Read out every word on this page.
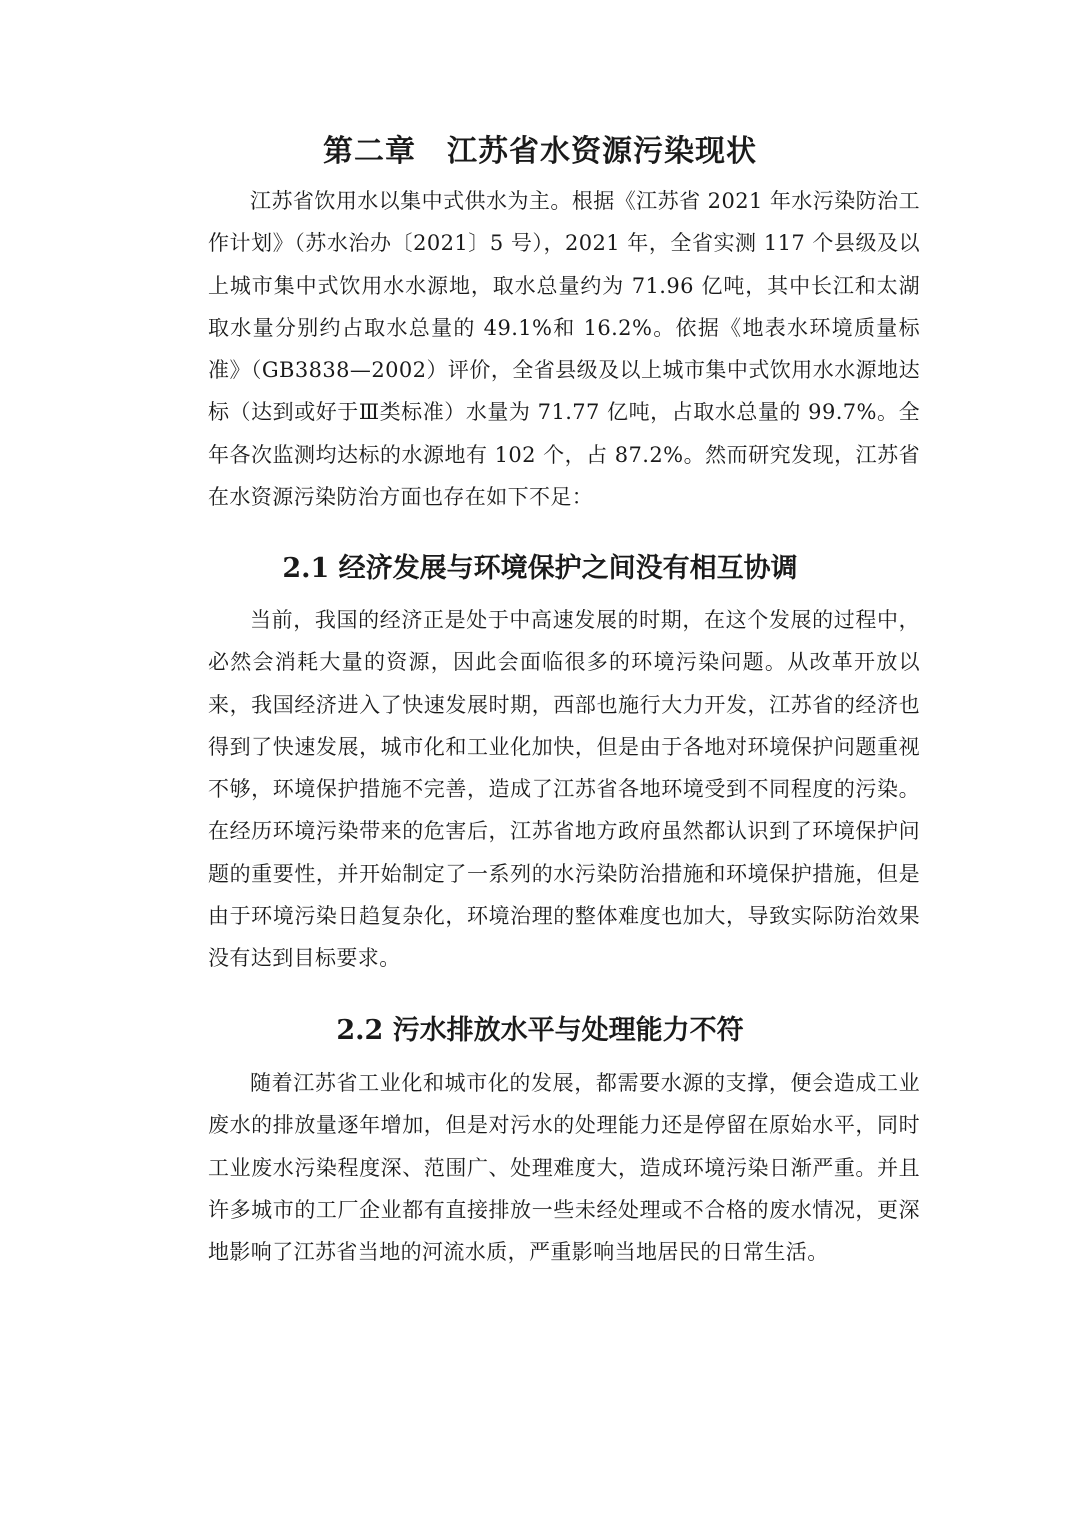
第二章　江苏省水资源污染现状

江苏省饮用水以集中式供水为主。根据《江苏省 2021 年水污染防治工作计划》（苏水治办〔2021〕5 号），2021 年，全省实测 117 个县级及以上城市集中式饮用水水源地，取水总量约为 71.96 亿吨，其中长江和太湖取水量分别约占取水总量的 49.1%和 16.2%。依据《地表水环境质量标准》（GB3838—2002）评价，全省县级及以上城市集中式饮用水水源地达标（达到或好于Ⅲ类标准）水量为 71.77 亿吨，占取水总量的 99.7%。全年各次监测均达标的水源地有 102 个，占 87.2%。然而研究发现，江苏省在水资源污染防治方面也存在如下不足：

2.1 经济发展与环境保护之间没有相互协调

当前，我国的经济正是处于中高速发展的时期，在这个发展的过程中，必然会消耗大量的资源，因此会面临很多的环境污染问题。从改革开放以来，我国经济进入了快速发展时期，西部也施行大力开发，江苏省的经济也得到了快速发展，城市化和工业化加快，但是由于各地对环境保护问题重视不够，环境保护措施不完善，造成了江苏省各地环境受到不同程度的污染。在经历环境污染带来的危害后，江苏省地方政府虽然都认识到了环境保护问题的重要性，并开始制定了一系列的水污染防治措施和环境保护措施，但是由于环境污染日趋复杂化，环境治理的整体难度也加大，导致实际防治效果没有达到目标要求。

2.2 污水排放水平与处理能力不符

随着江苏省工业化和城市化的发展，都需要水源的支撑，便会造成工业废水的排放量逐年增加，但是对污水的处理能力还是停留在原始水平，同时工业废水污染程度深、范围广、处理难度大，造成环境污染日渐严重。并且许多城市的工厂企业都有直接排放一些未经处理或不合格的废水情况，更深地影响了江苏省当地的河流水质，严重影响当地居民的日常生活。
